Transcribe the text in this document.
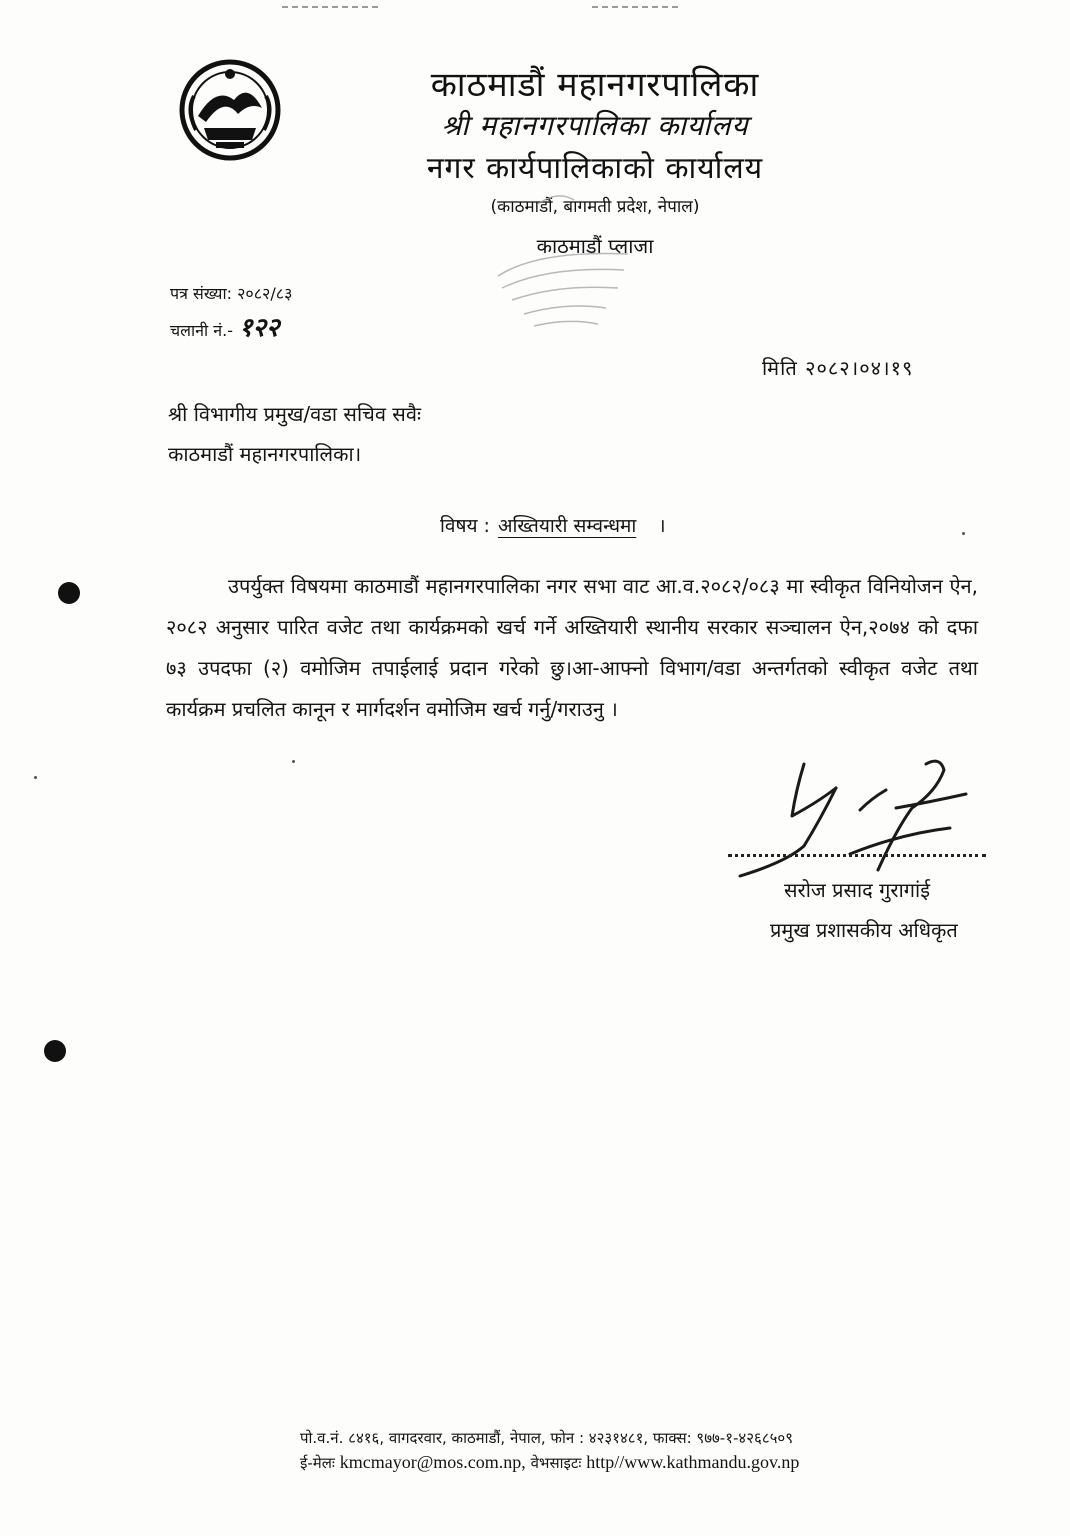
काठमाडौं महानगरपालिका
श्री महानगरपालिका कार्यालय
नगर कार्यपालिकाको कार्यालय
(काठमाडौं, बागमती प्रदेश, नेपाल)
काठमाडौं प्लाजा
पत्र संख्या: २०८२/८३
चलानी नं.- १२२
मिति २०८२।०४।१९
श्री विभागीय प्रमुख/वडा सचिव सवैः
काठमाडौं महानगरपालिका।
विषय : अख्तियारी सम्वन्धमा ।
उपर्युक्त विषयमा काठमाडौं महानगरपालिका नगर सभा वाट आ.व.२०८२/०८३ मा स्वीकृत विनियोजन ऐन, २०८२ अनुसार पारित वजेट तथा कार्यक्रमको खर्च गर्ने अख्तियारी स्थानीय सरकार सञ्चालन ऐन,२०७४ को दफा ७३ उपदफा (२) वमोजिम तपाईलाई प्रदान गरेको छु।आ-आफ्नो विभाग/वडा अन्तर्गतको स्वीकृत वजेट तथा कार्यक्रम प्रचलित कानून र मार्गदर्शन वमोजिम खर्च गर्नु/गराउनु ।
सरोज प्रसाद गुरागांई
प्रमुख प्रशासकीय अधिकृत
पो.व.नं. ८४१६, वागदरवार, काठमाडौं, नेपाल, फोन : ४२३१४८१, फाक्स: ९७७-१-४२६८५०९
ई-मेलः kmcmayor@mos.com.np, वेभसाइटः http//www.kathmandu.gov.np
